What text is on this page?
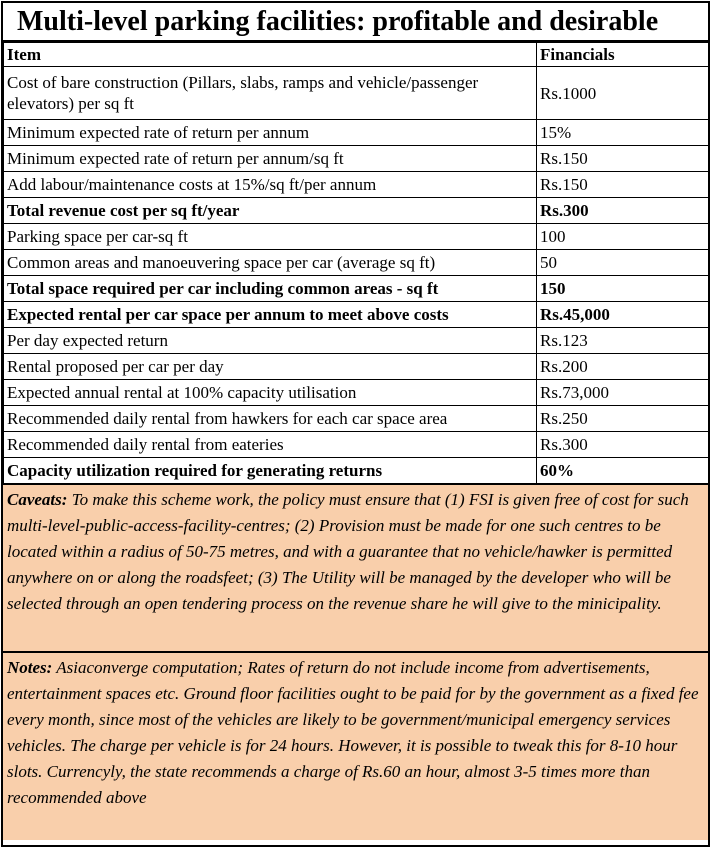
Multi-level parking facilities: profitable and desirable
Item	Financials
Cost of bare construction (Pillars, slabs, ramps and vehicle/passenger elevators) per sq ft	Rs.1000
Minimum expected rate of return per annum	15%
Minimum expected rate of return per annum/sq ft	Rs.150
Add labour/maintenance costs at 15%/sq ft/per annum	Rs.150
Total revenue cost per sq ft/year	Rs.300
Parking space per car-sq ft	100
Common areas and manoeuvering space per car (average sq ft)	50
Total space required per car including common areas - sq ft	150
Expected rental per car space per annum to meet above costs	Rs.45,000
Per day expected return	Rs.123
Rental proposed per car per day	Rs.200
Expected annual rental at 100% capacity utilisation	Rs.73,000
Recommended daily rental from hawkers for each car space area	Rs.250
Recommended daily rental from eateries	Rs.300
Capacity utilization required for generating returns	60%
Caveats: To make this scheme work, the policy must ensure that (1) FSI is given free of cost for such multi-level-public-access-facility-centres; (2) Provision must be made for one such centres to be located within a radius of 50-75 metres, and with a guarantee that no vehicle/hawker is permitted anywhere on or along the roadsfeet; (3) The Utility will be managed by the developer who will be selected through an open tendering process on the revenue share he will give to the minicipality.
Notes: Asiaconverge computation; Rates of return do not include income from advertisements, entertainment spaces etc. Ground floor facilities ought to be paid for by the government as a fixed fee every month, since most of the vehicles are likely to be government/municipal emergency services vehicles. The charge per vehicle is for 24 hours. However, it is possible to tweak this for 8-10 hour slots. Currencyly, the state recommends a charge of Rs.60 an hour, almost 3-5 times more than recommended above
